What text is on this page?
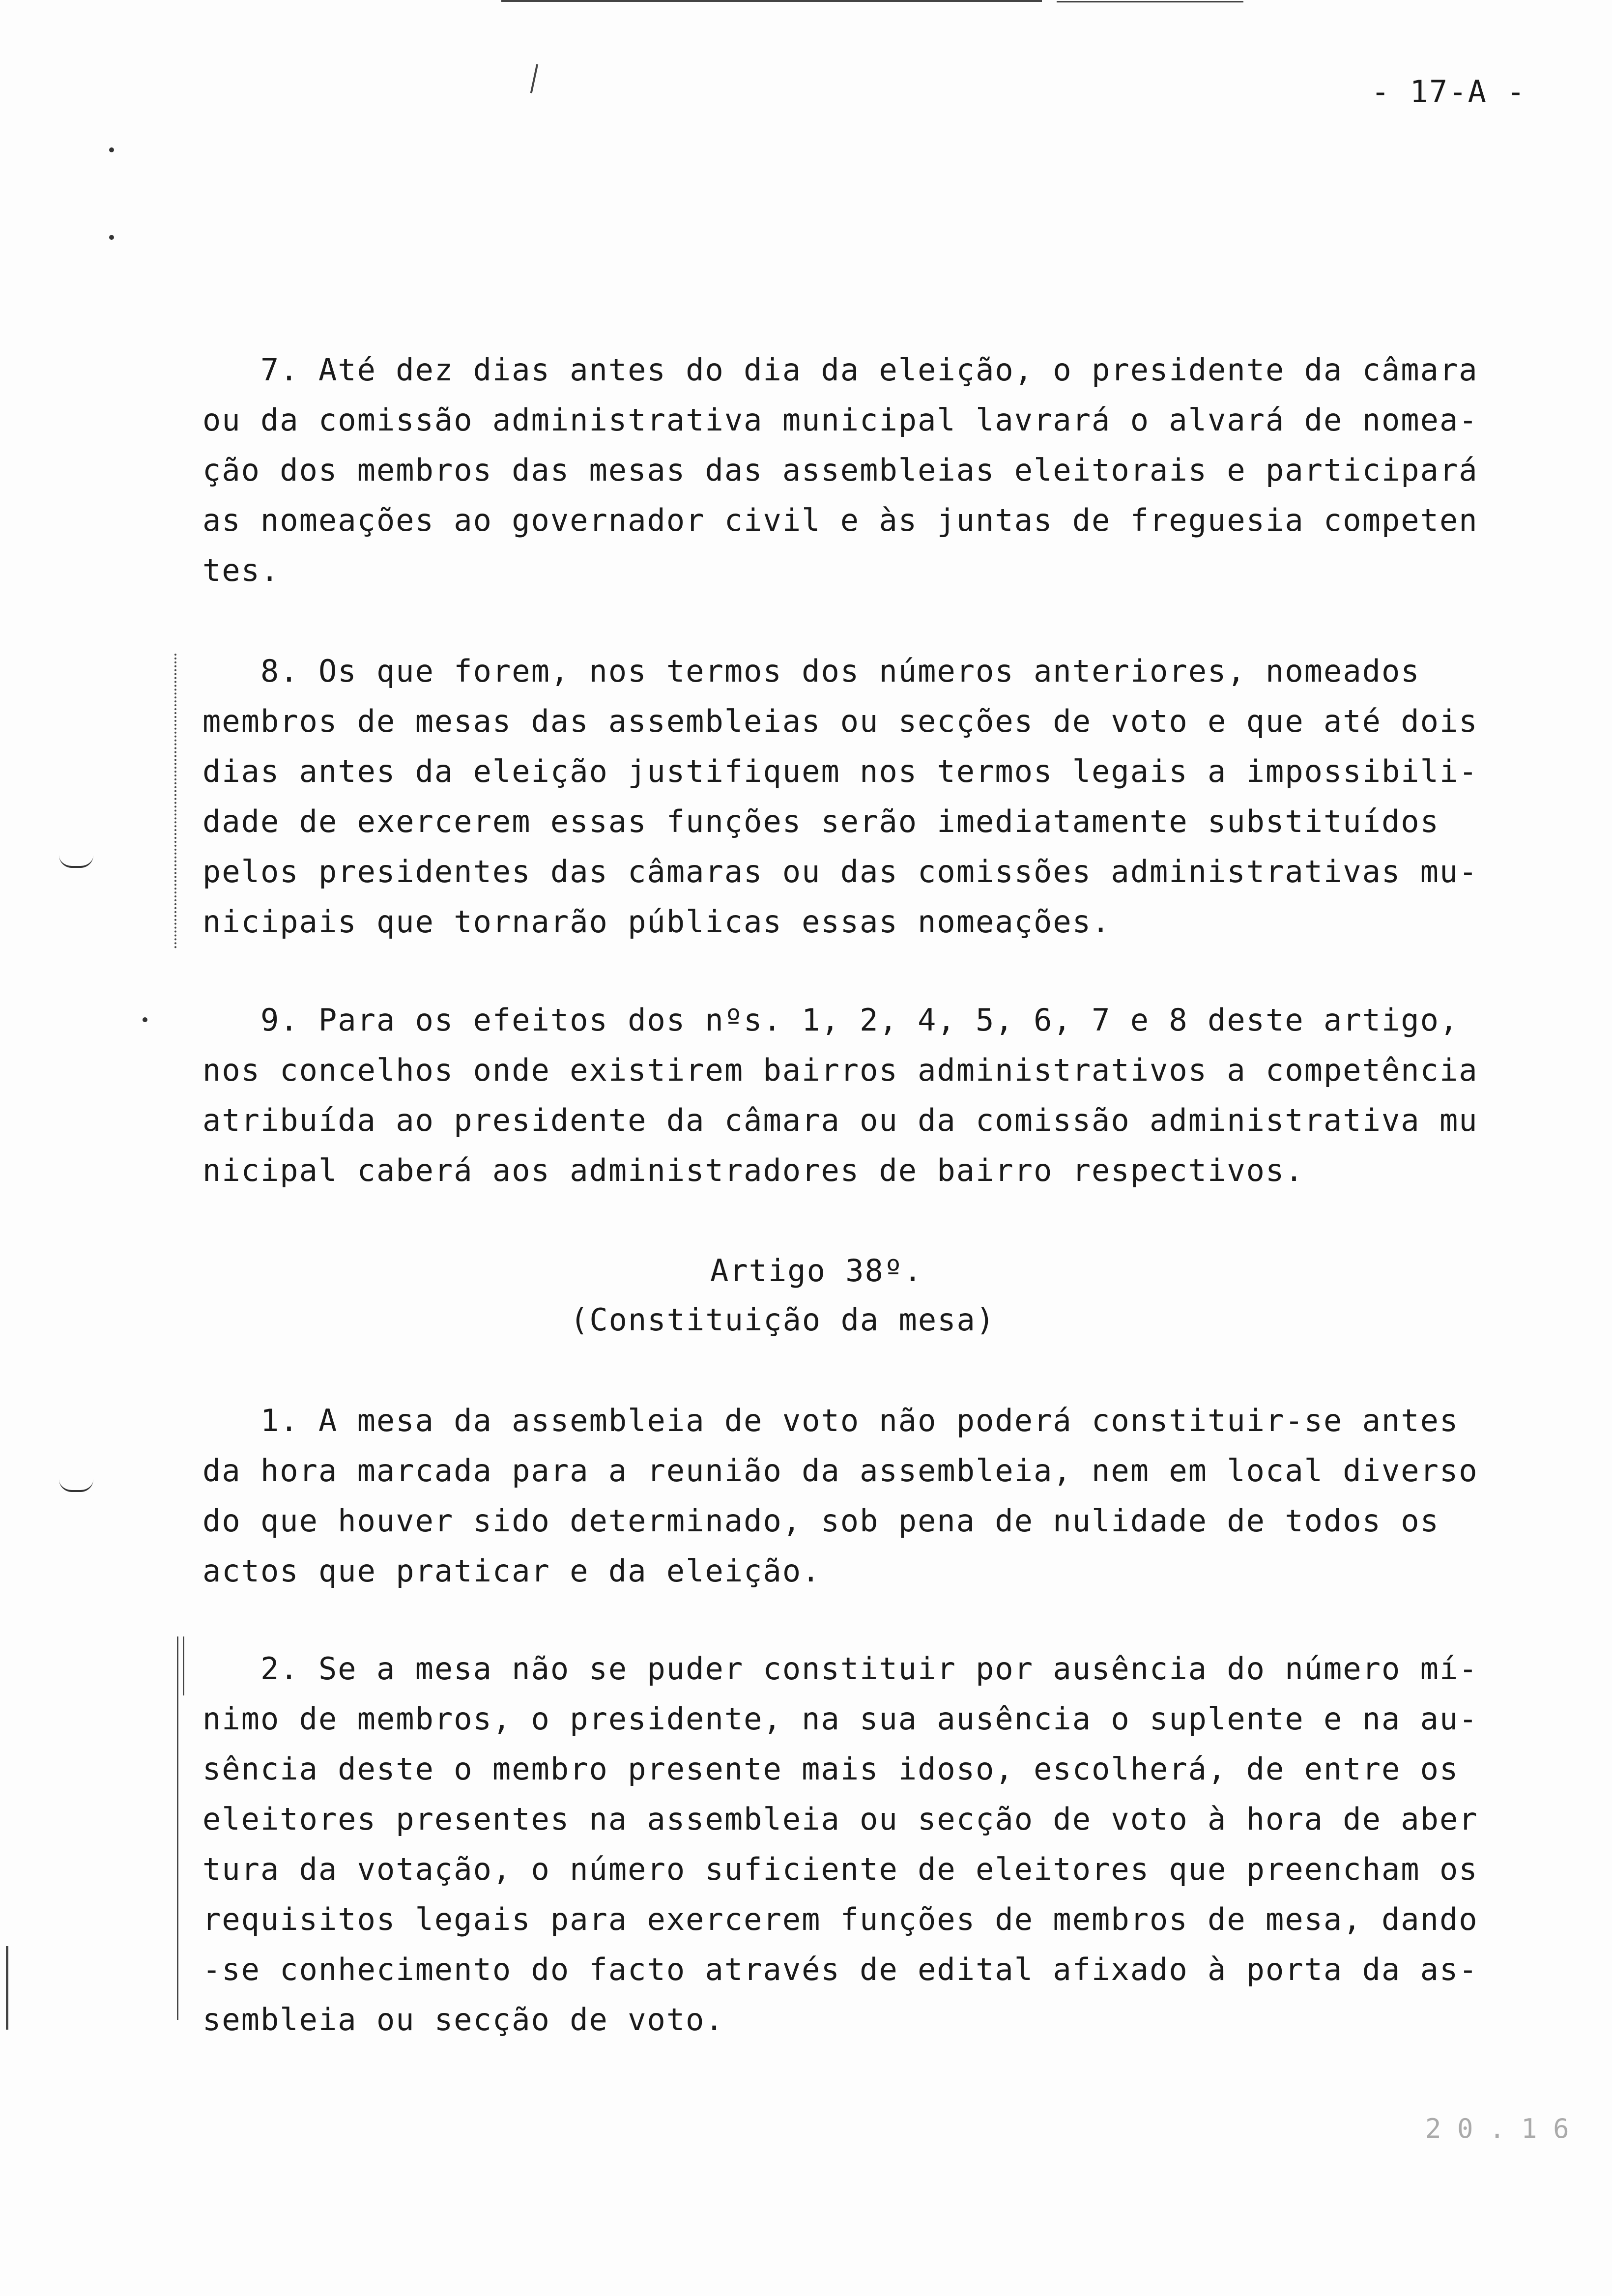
- 17-A -
7. Até dez dias antes do dia da eleição, o presidente da câmara
ou da comissão administrativa municipal lavrará o alvará de nomea-
ção dos membros das mesas das assembleias eleitorais e participará
as nomeações ao governador civil e às juntas de freguesia competen
tes.
8. Os que forem, nos termos dos números anteriores, nomeados
membros de mesas das assembleias ou secções de voto e que até dois
dias antes da eleição justifiquem nos termos legais a impossibili-
dade de exercerem essas funções serão imediatamente substituídos
pelos presidentes das câmaras ou das comissões administrativas mu-
nicipais que tornarão públicas essas nomeações.
9. Para os efeitos dos nºs. 1, 2, 4, 5, 6, 7 e 8 deste artigo,
nos concelhos onde existirem bairros administrativos a competência
atribuída ao presidente da câmara ou da comissão administrativa mu
nicipal caberá aos administradores de bairro respectivos.
Artigo 38º.
(Constituição da mesa)
1. A mesa da assembleia de voto não poderá constituir-se antes
da hora marcada para a reunião da assembleia, nem em local diverso
do que houver sido determinado, sob pena de nulidade de todos os
actos que praticar e da eleição.
2. Se a mesa não se puder constituir por ausência do número mí-
nimo de membros, o presidente, na sua ausência o suplente e na au-
sência deste o membro presente mais idoso, escolherá, de entre os
eleitores presentes na assembleia ou secção de voto à hora de aber
tura da votação, o número suficiente de eleitores que preencham os
requisitos legais para exercerem funções de membros de mesa, dando
-se conhecimento do facto através de edital afixado à porta da as-
sembleia ou secção de voto.
2 0 . 1 6
